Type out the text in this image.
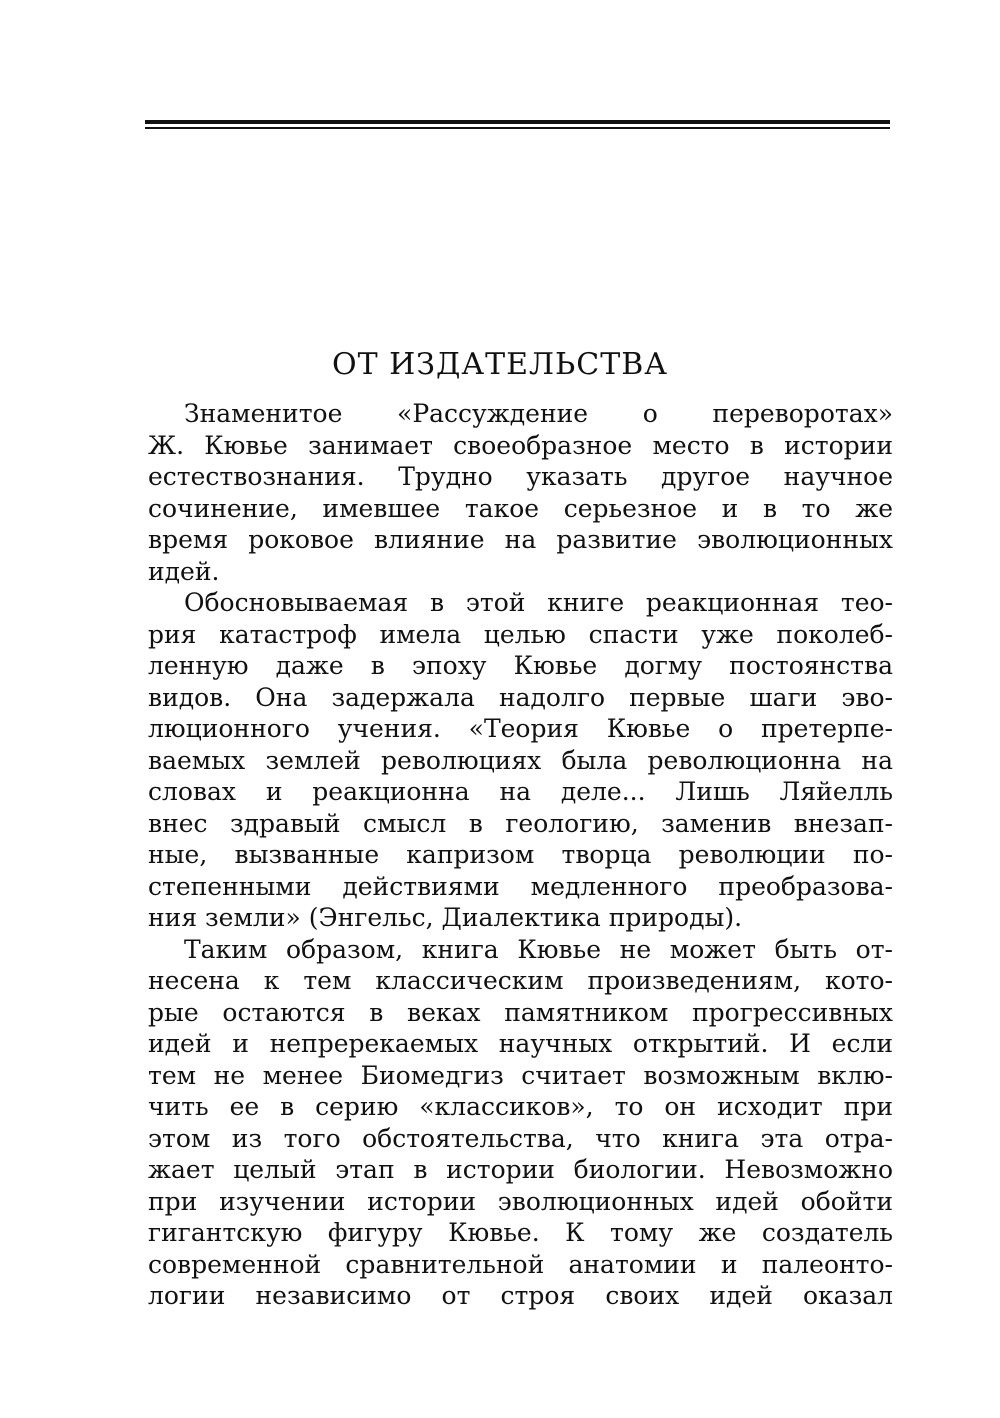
ОТ ИЗДАТЕЛЬСТВА
Знаменитое «Рассуждение о переворотах»
Ж. Кювье занимает своеобразное место в истории
естествознания. Трудно указать другое научное
сочинение, имевшее такое серьезное и в то же
время роковое влияние на развитие эволюционных
идей.
Обосновываемая в этой книге реакционная тео-
рия катастроф имела целью спасти уже поколеб-
ленную даже в эпоху Кювье догму постоянства
видов. Она задержала надолго первые шаги эво-
люционного учения. «Теория Кювье о претерпе-
ваемых землей революциях была революционна на
словах и реакционна на деле... Лишь Ляйелль
внес здравый смысл в геологию, заменив внезап-
ные, вызванные капризом творца революции по-
степенными действиями медленного преобразова-
ния земли» (Энгельс, Диалектика природы).
Таким образом, книга Кювье не может быть от-
несена к тем классическим произведениям, кото-
рые остаются в веках памятником прогрессивных
идей и непререкаемых научных открытий. И если
тем не менее Биомедгиз считает возможным вклю-
чить ее в серию «классиков», то он исходит при
этом из того обстоятельства, что книга эта отра-
жает целый этап в истории биологии. Невозможно
при изучении истории эволюционных идей обойти
гигантскую фигуру Кювье. К тому же создатель
современной сравнительной анатомии и палеонто-
логии независимо от строя своих идей оказал
